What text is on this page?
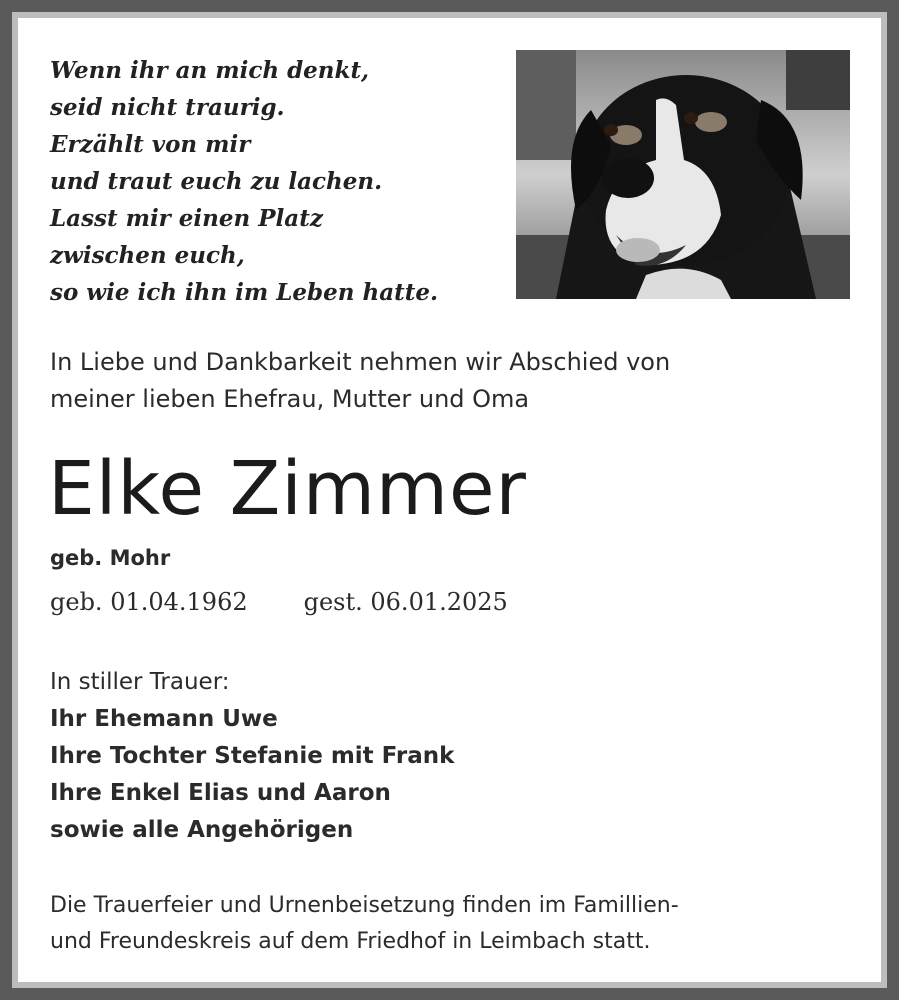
Wenn ihr an mich denkt,
seid nicht traurig.
Erzählt von mir
und traut euch zu lachen.
Lasst mir einen Platz
zwischen euch,
so wie ich ihn im Leben hatte.
In Liebe und Dankbarkeit nehmen wir Abschied von
meiner lieben Ehefrau, Mutter und Oma
Elke Zimmer
geb. Mohr
geb. 01.04.1962 gest. 06.01.2025
In stiller Trauer:
Ihr Ehemann Uwe
Ihre Tochter Stefanie mit Frank
Ihre Enkel Elias und Aaron
sowie alle Angehörigen
Die Trauerfeier und Urnenbeisetzung finden im Famillien-
und Freundeskreis auf dem Friedhof in Leimbach statt.
